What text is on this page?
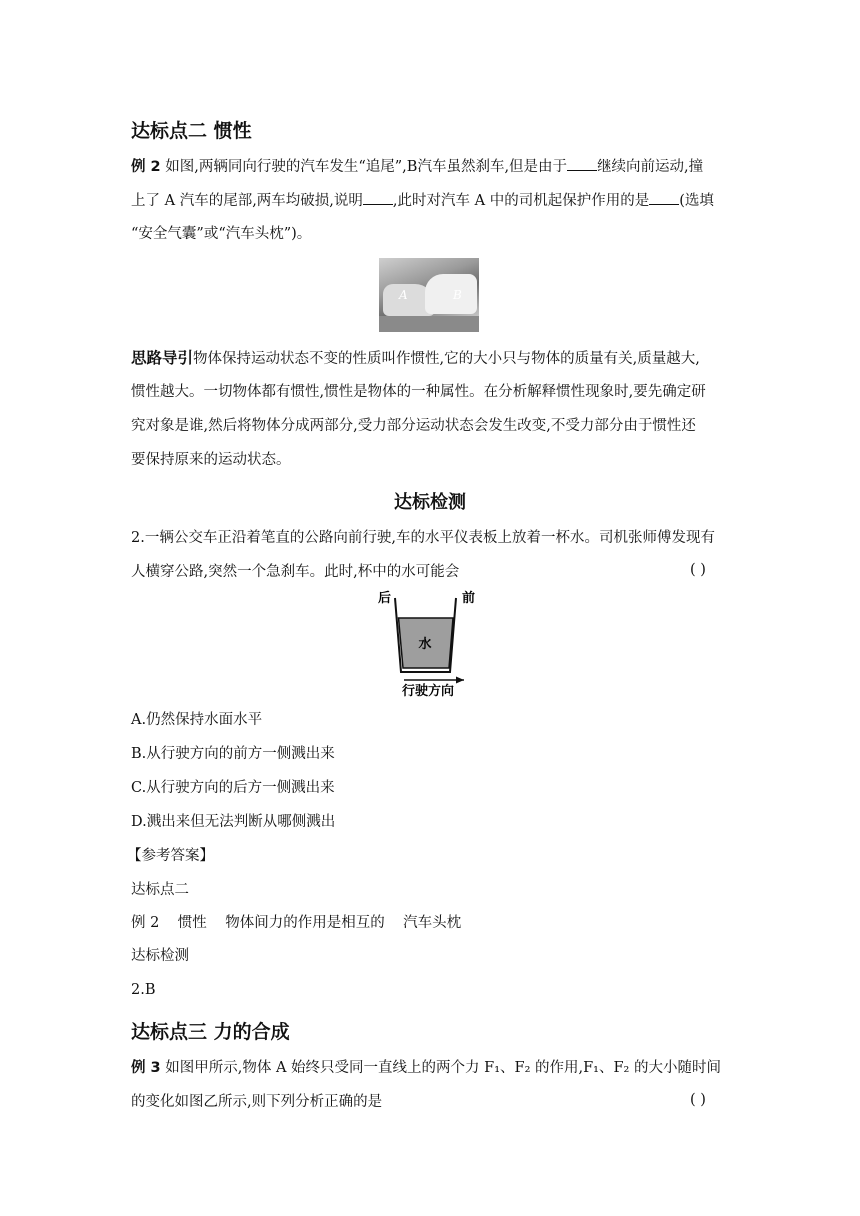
达标点二 惯性
例 2 如图,两辆同向行驶的汽车发生“追尾”,B汽车虽然刹车,但是由于 继续向前运动,撞
上了 A 汽车的尾部,两车均破损,说明 ,此时对汽车 A 中的司机起保护作用的是 (选填
“安全气囊”或“汽车头枕”)。
A	B
思路导引物体保持运动状态不变的性质叫作惯性,它的大小只与物体的质量有关,质量越大,
惯性越大。一切物体都有惯性,惯性是物体的一种属性。在分析解释惯性现象时,要先确定研
究对象是谁,然后将物体分成两部分,受力部分运动状态会发生改变,不受力部分由于惯性还
要保持原来的运动状态。
达标检测
2.一辆公交车正沿着笔直的公路向前行驶,车的水平仪表板上放着一杯水。司机张师傅发现有
人横穿公路,突然一个急刹车。此时,杯中的水可能会	( )
后	前
水
行驶方向
A.仍然保持水面水平
B.从行驶方向的前方一侧溅出来
C.从行驶方向的后方一侧溅出来
D.溅出来但无法判断从哪侧溅出
【参考答案】
达标点二
例 2    惯性    物体间力的作用是相互的    汽车头枕
达标检测
2.B
达标点三 力的合成
例 3 如图甲所示,物体 A 始终只受同一直线上的两个力 F₁、F₂ 的作用,F₁、F₂ 的大小随时间
的变化如图乙所示,则下列分析正确的是	( )
